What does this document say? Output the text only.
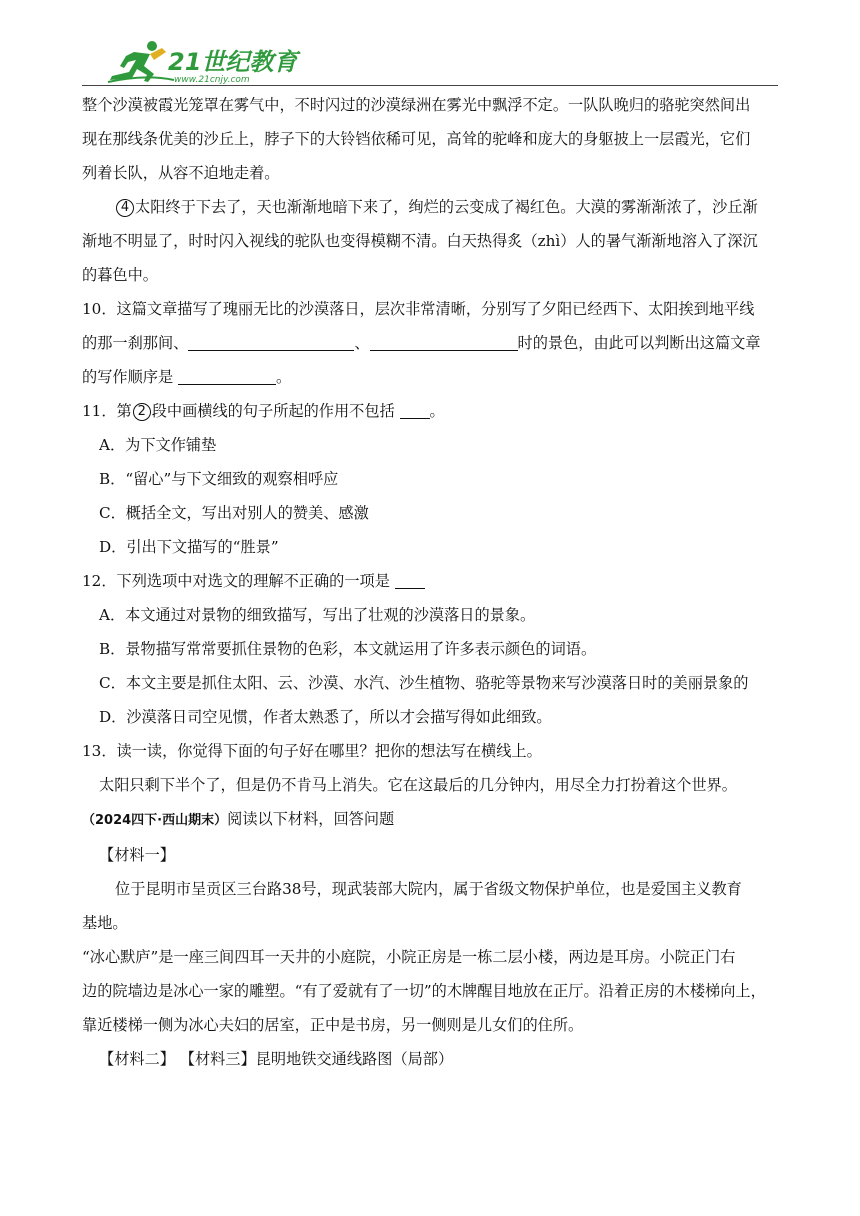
21世纪教育
www.21cnjy.com

整个沙漠被霞光笼罩在雾气中，不时闪过的沙漠绿洲在雾光中飘浮不定。一队队晚归的骆驼突然间出

现在那线条优美的沙丘上，脖子下的大铃铛依稀可见，高耸的驼峰和庞大的身躯披上一层霞光，它们

列着长队，从容不迫地走着。

4 太阳终于下去了，天也渐渐地暗下来了，绚烂的云变成了褐红色。大漠的雾渐渐浓了，沙丘渐

渐地不明显了，时时闪入视线的驼队也变得模糊不清。白天热得炙（zhì）人的暑气渐渐地溶入了深沉

的暮色中。

10．这篇文章描写了瑰丽无比的沙漠落日，层次非常清晰，分别写了夕阳已经西下、太阳挨到地平线

的那一刹那间、	、	时的景色，由此可以判断出这篇文章

的写作顺序是	。

11．第 2 段中画横线的句子所起的作用不包括 。

A．为下文作铺垫

B．“留心”与下文细致的观察相呼应

C．概括全文，写出对别人的赞美、感激

D．引出下文描写的“胜景”

12．下列选项中对选文的理解不正确的一项是

A．本文通过对景物的细致描写，写出了壮观的沙漠落日的景象。

B．景物描写常常要抓住景物的色彩，本文就运用了许多表示颜色的词语。

C．本文主要是抓住太阳、云、沙漠、水汽、沙生植物、骆驼等景物来写沙漠落日时的美丽景象的

D．沙漠落日司空见惯，作者太熟悉了，所以才会描写得如此细致。

13．读一读，你觉得下面的句子好在哪里？把你的想法写在横线上。

太阳只剩下半个了，但是仍不肯马上消失。它在这最后的几分钟内，用尽全力打扮着这个世界。

（2024四下·西山期末）阅读以下材料，回答问题

【材料一】

位于昆明市呈贡区三台路38号，现武装部大院内，属于省级文物保护单位，也是爱国主义教育

基地。

“冰心默庐”是一座三间四耳一天井的小庭院，小院正房是一栋二层小楼，两边是耳房。小院正门右

边的院墙边是冰心一家的雕塑。“有了爱就有了一切”的木牌醒目地放在正厅。沿着正房的木楼梯向上，

靠近楼梯一侧为冰心夫妇的居室，正中是书房，另一侧则是儿女们的住所。

【材料二】 【材料三】昆明地铁交通线路图（局部）
